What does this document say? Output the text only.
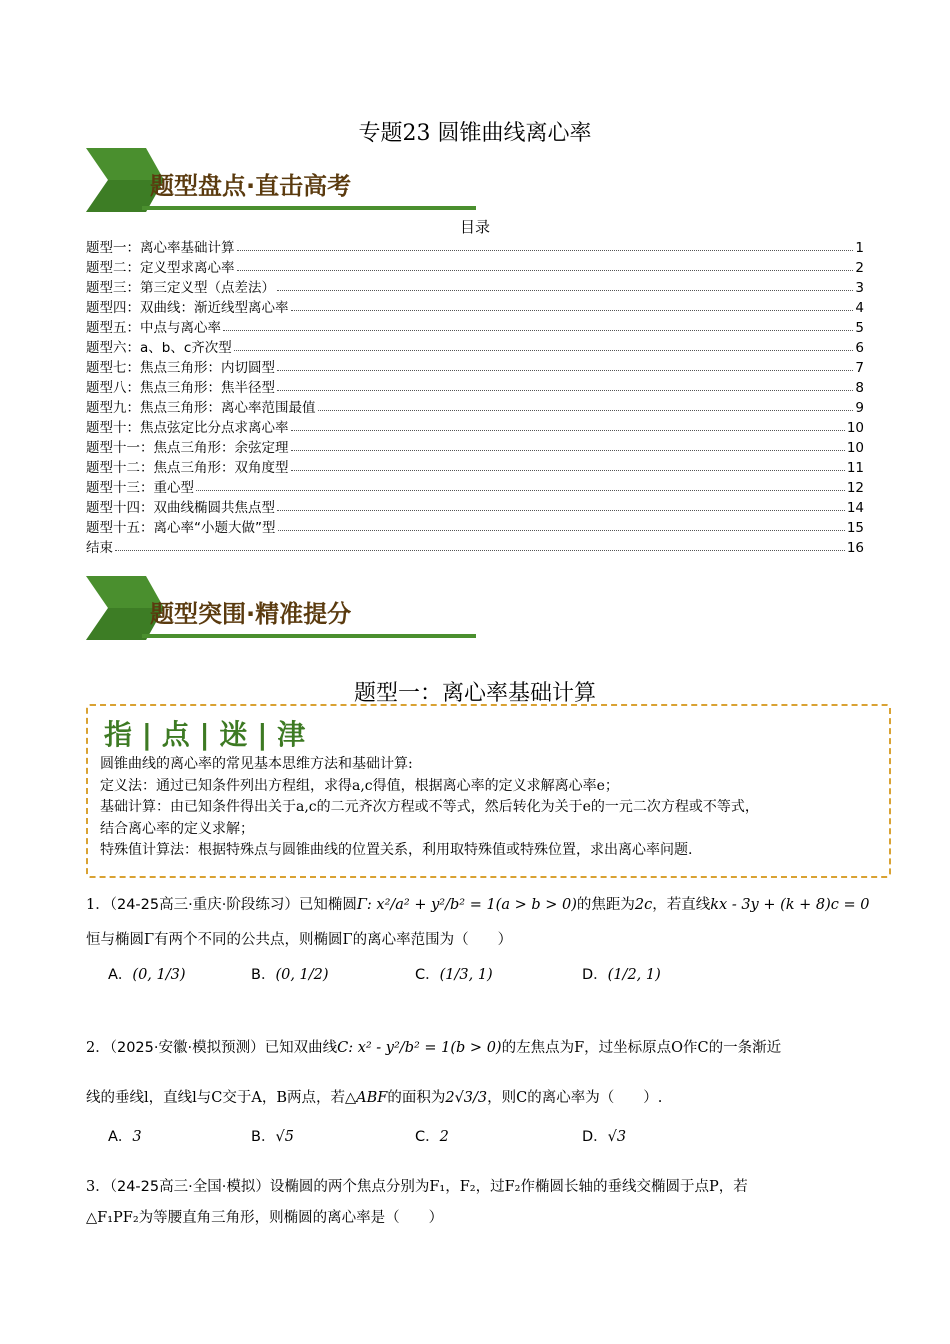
专题23 圆锥曲线离心率
题型盘点·直击高考
目录
题型一：离心率基础计算	1
题型二：定义型求离心率	2
题型三：第三定义型（点差法）	3
题型四：双曲线：渐近线型离心率	4
题型五：中点与离心率	5
题型六：a、b、c齐次型	6
题型七：焦点三角形：内切圆型	7
题型八：焦点三角形：焦半径型	8
题型九：焦点三角形：离心率范围最值	9
题型十：焦点弦定比分点求离心率	10
题型十一：焦点三角形：余弦定理	10
题型十二：焦点三角形：双角度型	11
题型十三：重心型	12
题型十四：双曲线椭圆共焦点型	14
题型十五：离心率“小题大做”型	15
结束	16
题型突围·精准提分
题型一：离心率基础计算
指 | 点 | 迷 | 津
圆锥曲线的离心率的常见基本思维方法和基础计算:
定义法：通过已知条件列出方程组，求得a,c得值，根据离心率的定义求解离心率e；
基础计算：由已知条件得出关于a,c的二元齐次方程或不等式，然后转化为关于e的一元二次方程或不等式，
结合离心率的定义求解；
特殊值计算法：根据特殊点与圆锥曲线的位置关系，利用取特殊值或特殊位置，求出离心率问题.
1．（24-25高三·重庆·阶段练习）已知椭圆Γ: x²/a² + y²/b² = 1(a > b > 0)的焦距为2c，若直线kx - 3y + (k + 8)c = 0
恒与椭圆Γ有两个不同的公共点，则椭圆Γ的离心率范围为（　　）
A．(0, 1/3)	B．(0, 1/2)	C．(1/3, 1)	D．(1/2, 1)
2．（2025·安徽·模拟预测）已知双曲线C: x² - y²/b² = 1(b > 0)的左焦点为F，过坐标原点O作C的一条渐近
线的垂线l，直线l与C交于A，B两点，若△ABF的面积为2√3/3，则C的离心率为（　　）.
A．3	B．√5	C．2	D．√3
3．（24-25高三·全国·模拟）设椭圆的两个焦点分别为F₁，F₂，过F₂作椭圆长轴的垂线交椭圆于点P，若
△F₁PF₂为等腰直角三角形，则椭圆的离心率是（　　）
